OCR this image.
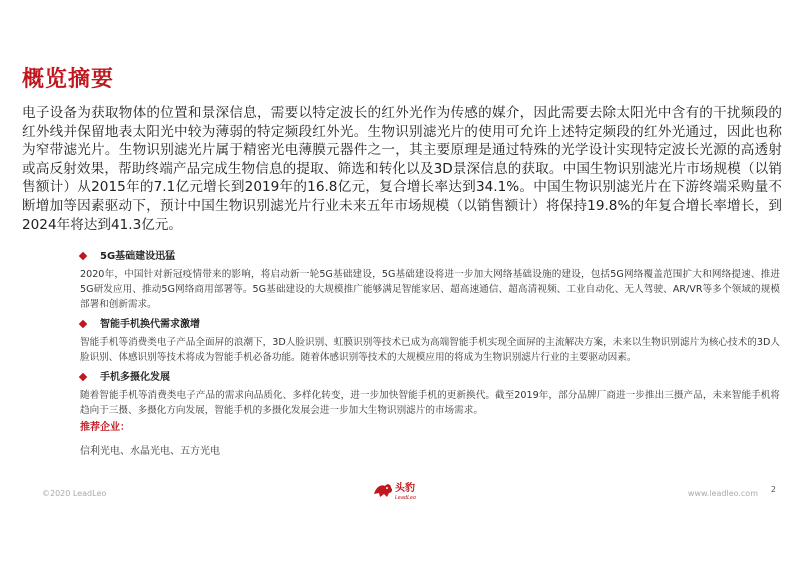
概览摘要
电子设备为获取物体的位置和景深信息，需要以特定波长的红外光作为传感的媒介，因此需要去除太阳光中含有的干扰频段的红外线并保留地表太阳光中较为薄弱的特定频段红外光。生物识别滤光片的使用可允许上述特定频段的红外光通过，因此也称为窄带滤光片。生物识别滤光片属于精密光电薄膜元器件之一，其主要原理是通过特殊的光学设计实现特定波长光源的高透射或高反射效果，帮助终端产品完成生物信息的提取、筛选和转化以及3D景深信息的获取。中国生物识别滤光片市场规模（以销售额计）从2015年的7.1亿元增长到2019年的16.8亿元，复合增长率达到34.1%。中国生物识别滤光片在下游终端采购量不断增加等因素驱动下，预计中国生物识别滤光片行业未来五年市场规模（以销售额计）将保持19.8%的年复合增长率增长，到2024年将达到41.3亿元。
5G基础建设迅猛
2020年，中国针对新冠疫情带来的影响，将启动新一轮5G基础建设，5G基础建设将进一步加大网络基础设施的建设，包括5G网络覆盖范围扩大和网络提速、推进5G研发应用、推动5G网络商用部署等。5G基础建设的大规模推广能够满足智能家居、超高速通信、超高清视频、工业自动化、无人驾驶、AR/VR等多个领域的规模部署和创新需求。
智能手机换代需求激增
智能手机等消费类电子产品全面屏的浪潮下，3D人脸识别、虹膜识别等技术已成为高端智能手机实现全面屏的主流解决方案，未来以生物识别滤片为核心技术的3D人脸识别、体感识别等技术将成为智能手机必备功能。随着体感识别等技术的大规模应用的将成为生物识别滤片行业的主要驱动因素。
手机多摄化发展
随着智能手机等消费类电子产品的需求向品质化、多样化转变，进一步加快智能手机的更新换代。截至2019年，部分品牌厂商进一步推出三摄产品，未来智能手机将趋向于三摄、多摄化方向发展，智能手机的多摄化发展会进一步加大生物识别滤片的市场需求。
推荐企业：
信利光电、水晶光电、五方光电
©2020 LeadLeo	头豹
LeadLeo	www.leadleo.com 2
